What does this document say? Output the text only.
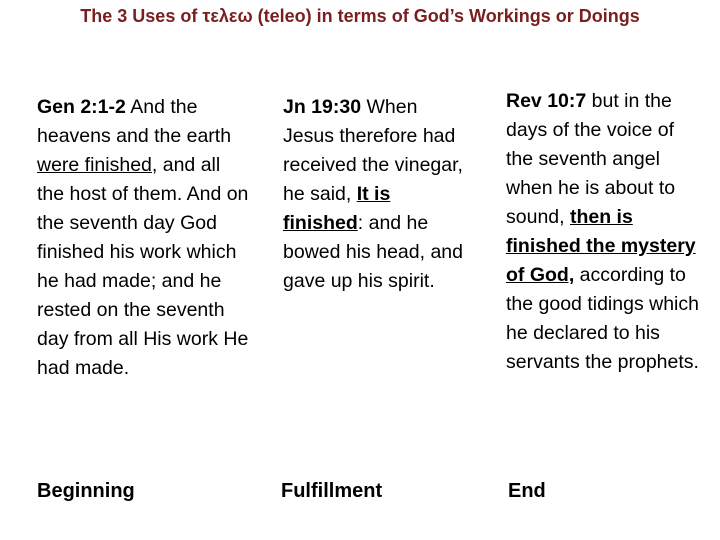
The 3 Uses of τελεω (teleo) in terms of God’s Workings or Doings
Gen 2:1-2 And the heavens and the earth were finished, and all the host of them. And on the seventh day God finished his work which he had made; and he rested on the seventh day from all His work He had made.
Jn 19:30 When Jesus therefore had received the vinegar, he said, It is finished: and he bowed his head, and gave up his spirit.
Rev 10:7 but in the days of the voice of the seventh angel when he is about to sound, then is finished the mystery of God, according to the good tidings which he declared to his servants the prophets.
Beginning	Fulfillment	End
